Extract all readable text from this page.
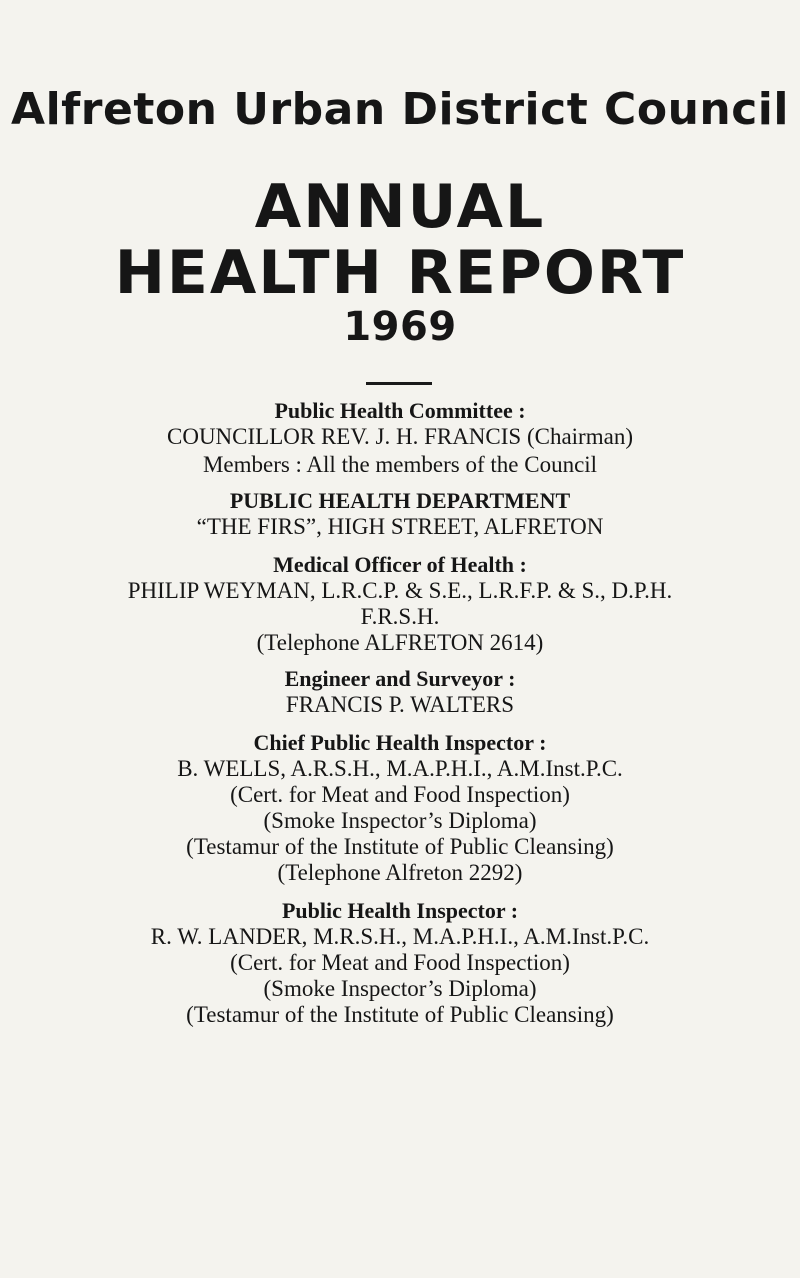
Alfreton Urban District Council
ANNUAL
HEALTH REPORT
1969
Public Health Committee :
COUNCILLOR REV. J. H. FRANCIS (Chairman)
Members : All the members of the Council
PUBLIC HEALTH DEPARTMENT
“THE FIRS”, HIGH STREET, ALFRETON
Medical Officer of Health :
PHILIP WEYMAN, L.R.C.P. & S.E., L.R.F.P. & S., D.P.H.
F.R.S.H.
(Telephone ALFRETON 2614)
Engineer and Surveyor :
FRANCIS P. WALTERS
Chief Public Health Inspector :
B. WELLS, A.R.S.H., M.A.P.H.I., A.M.Inst.P.C.
(Cert. for Meat and Food Inspection)
(Smoke Inspector’s Diploma)
(Testamur of the Institute of Public Cleansing)
(Telephone Alfreton 2292)
Public Health Inspector :
R. W. LANDER, M.R.S.H., M.A.P.H.I., A.M.Inst.P.C.
(Cert. for Meat and Food Inspection)
(Smoke Inspector’s Diploma)
(Testamur of the Institute of Public Cleansing)
